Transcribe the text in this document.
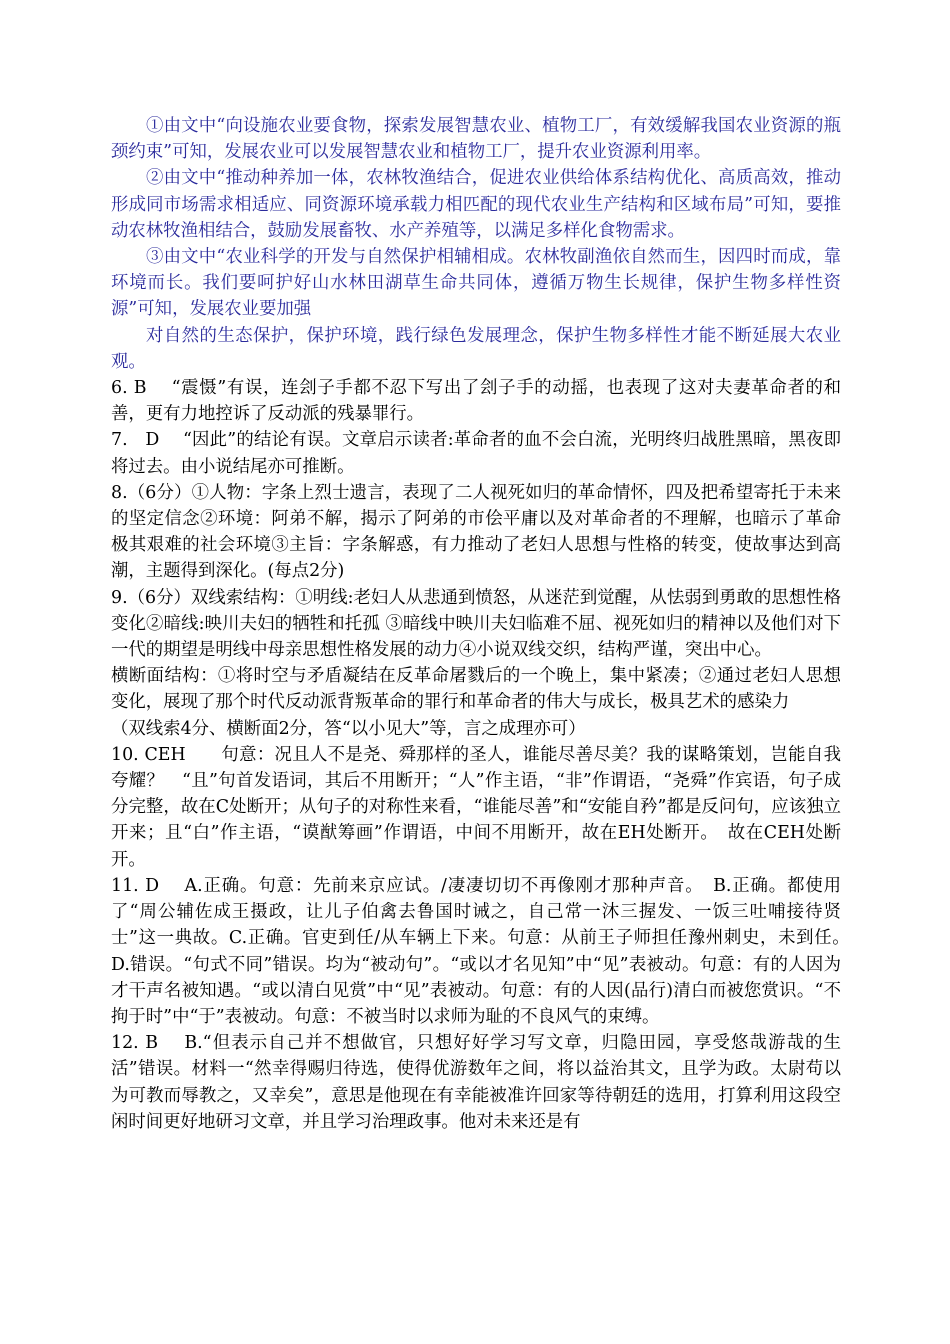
①由文中“向设施农业要食物，探索发展智慧农业、植物工厂，有效缓解我国农业资源的瓶颈约束”可知，发展农业可以发展智慧农业和植物工厂，提升农业资源利用率。

②由文中“推动种养加一体，农林牧渔结合，促进农业供给体系结构优化、高质高效，推动形成同市场需求相适应、同资源环境承载力相匹配的现代农业生产结构和区域布局”可知，要推动农林牧渔相结合，鼓励发展畜牧、水产养殖等，以满足多样化食物需求。

③由文中“农业科学的开发与自然保护相辅相成。农林牧副渔依自然而生，因四时而成，靠环境而长。我们要呵护好山水林田湖草生命共同体，遵循万物生长规律，保护生物多样性资源”可知，发展农业要加强

对自然的生态保护，保护环境，践行绿色发展理念，保护生物多样性才能不断延展大农业观。

6. B　 “震慑”有误，连刽子手都不忍下写出了刽子手的动摇，也表现了这对夫妻革命者的和善，更有力地控诉了反动派的残暴罪行。

7.　D　 “因此”的结论有误。文章启示读者:革命者的血不会白流，光明终归战胜黑暗，黑夜即将过去。由小说结尾亦可推断。

8.（6分）①人物：字条上烈士遗言，表现了二人视死如归的革命情怀，四及把希望寄托于未来的坚定信念②环境：阿弟不解，揭示了阿弟的市侩平庸以及对革命者的不理解，也暗示了革命极其艰难的社会环境③主旨：字条解惑，有力推动了老妇人思想与性格的转变，使故事达到高潮，主题得到深化。(每点2分)

9.（6分）双线索结构：①明线:老妇人从悲通到愤怒，从迷茫到觉醒，从怯弱到勇敢的思想性格变化②暗线:映川夫妇的牺牲和托孤 ③暗线中映川夫妇临难不屈、视死如归的精神以及他们对下一代的期望是明线中母亲思想性格发展的动力④小说双线交织，结构严谨，突出中心。

横断面结构：①将时空与矛盾凝结在反革命屠戮后的一个晚上，集中紧凑；②通过老妇人思想变化，展现了那个时代反动派背叛革命的罪行和革命者的伟大与成长，极具艺术的感染力

（双线索4分、横断面2分，答“以小见大”等，言之成理亦可）

10. CEH　　句意：况且人不是尧、舜那样的圣人，谁能尽善尽美？我的谋略策划，岂能自我夸耀？　“且”句首发语词，其后不用断开；“人”作主语，“非”作谓语，“尧舜”作宾语，句子成分完整，故在C处断开；从句子的对称性来看，“谁能尽善”和“安能自矜”都是反问句，应该独立开来；且“白”作主语，“谟猷筹画”作谓语，中间不用断开，故在EH处断开。　故在CEH处断开。

11. D　 A.正确。句意：先前来京应试。/凄凄切切不再像刚才那种声音。　B.正确。都使用了“周公辅佐成王摄政，让儿子伯禽去鲁国时诫之，自己常一沐三握发、一饭三吐哺接待贤士”这一典故。C.正确。官吏到任/从车辆上下来。句意：从前王子师担任豫州刺史，未到任。　D.错误。“句式不同”错误。均为“被动句”。“或以才名见知”中“见”表被动。句意：有的人因为才干声名被知遇。“或以清白见赏”中“见”表被动。句意：有的人因(品行)清白而被您赏识。“不拘于时”中“于”表被动。句意：不被当时以求师为耻的不良风气的束缚。

12. B　 B.“但表示自己并不想做官，只想好好学习写文章，归隐田园，享受悠哉游哉的生活”错误。材料一“然幸得赐归待选，使得优游数年之间，将以益治其文，且学为政。太尉苟以为可教而辱教之，又幸矣”，意思是他现在有幸能被准许回家等待朝廷的选用，打算利用这段空闲时间更好地研习文章，并且学习治理政事。他对未来还是有
